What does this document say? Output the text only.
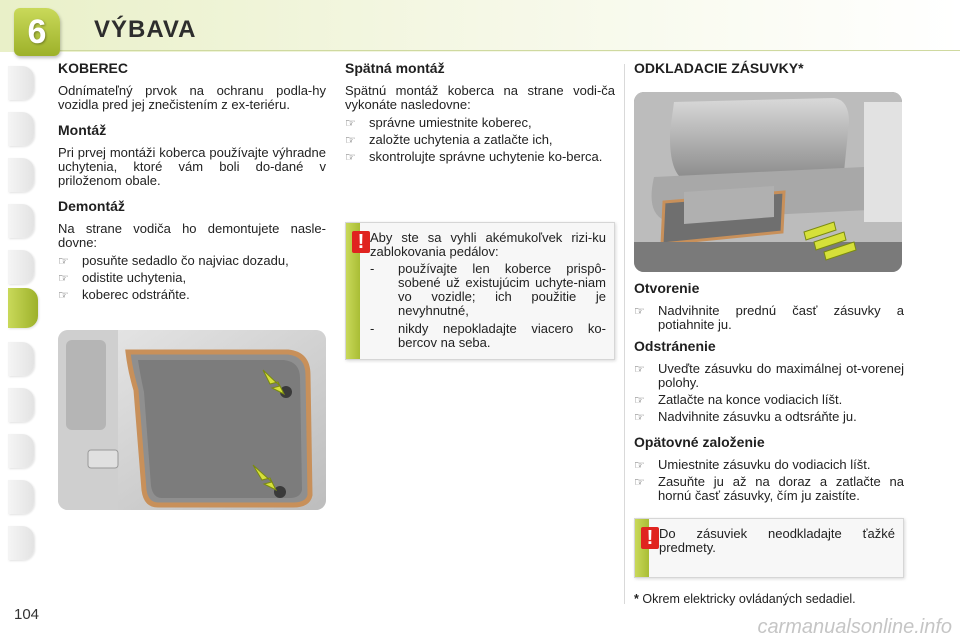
6 VÝBAVA
104
KOBEREC

Odnímateľný prvok na ochranu podla-hy vozidla pred jej znečistením z ex-teriéru.

Montáž

Pri prvej montáži koberca používajte výhradne uchytenia, ktoré vám boli do-dané v priloženom obale.

Demontáž

Na strane vodiča ho demontujete nasle-dovne:

☞ posuňte sedadlo čo najviac dozadu,
☞ odistite uchytenia,
☞ koberec odstráňte.
Spätná montáž

Spätnú montáž koberca na strane vodi-ča vykonáte nasledovne:

☞ správne umiestnite koberec,
☞ založte uchytenia a zatlačte ich,
☞ skontrolujte správne uchytenie ko-berca.
! Aby ste sa vyhli akémukoľvek rizi-ku zablokovania pedálov:

- používajte len koberce prispô-sobené už existujúcim uchyte-niam vo vozidle; ich použitie je nevyhnutné,
- nikdy nepokladajte viacero ko-bercov na seba.
ODKLADACIE ZÁSUVKY*
Otvorenie
☞ Nadvihnite prednú časť zásuvky a potiahnite ju.
Odstránenie
☞ Uveďte zásuvku do maximálnej ot-vorenej polohy.
☞ Zatlačte na konce vodiacich líšt.
☞ Nadvihnite zásuvku a odtsráňte ju.
Opätovné založenie
☞ Umiestnite zásuvku do vodiacich líšt.
☞ Zasuňte ju až na doraz a zatlačte na hornú časť zásuvky, čím ju zaistíte.
! Do zásuviek neodkladajte ťažké predmety.

* Okrem elektricky ovládaných sedadiel.
carmanualsonline.info
